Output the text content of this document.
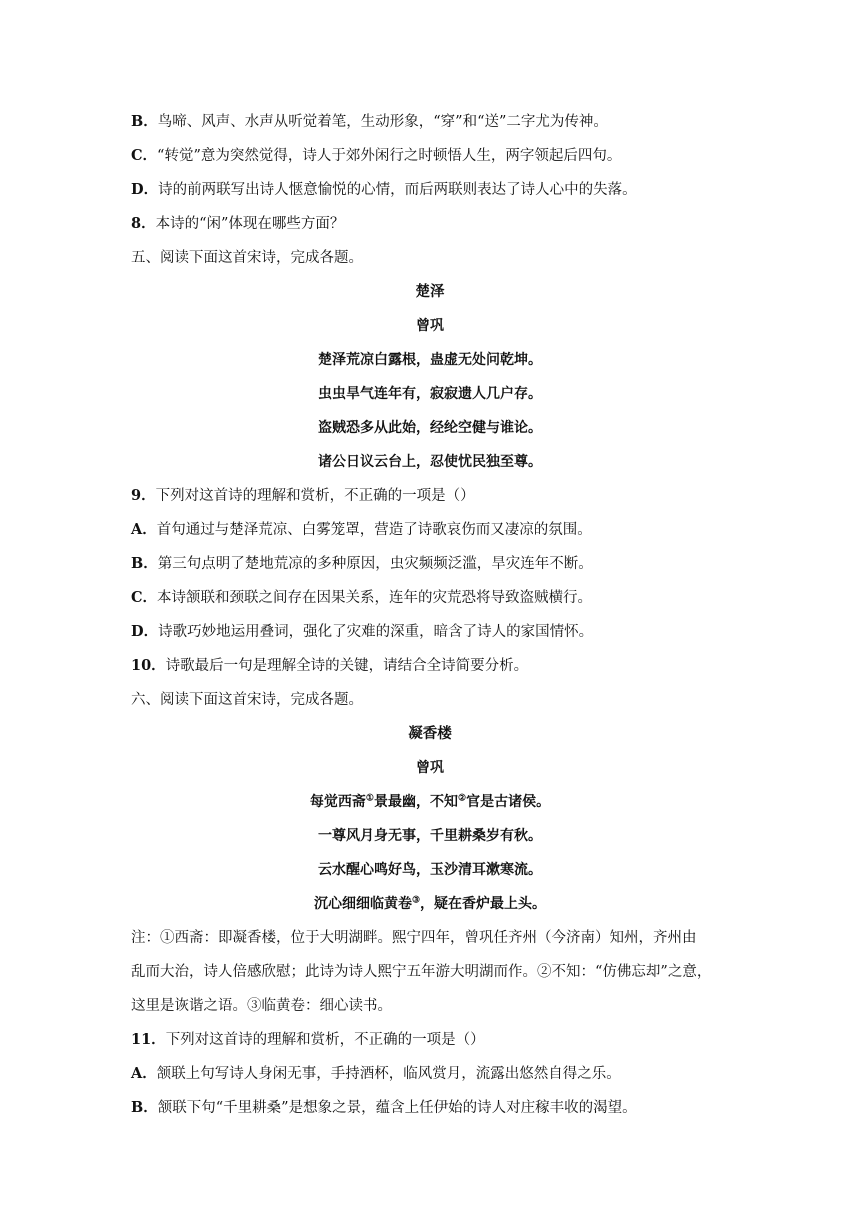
B．鸟啼、风声、水声从听觉着笔，生动形象，“穿”和“送”二字尤为传神。
C．“转觉”意为突然觉得，诗人于郊外闲行之时顿悟人生，两字领起后四句。
D．诗的前两联写出诗人惬意愉悦的心情，而后两联则表达了诗人心中的失落。
8．本诗的“闲”体现在哪些方面？
五、阅读下面这首宋诗，完成各题。
楚泽
曾巩
楚泽荒凉白露根，蛊虚无处问乾坤。
虫虫旱气连年有，寂寂遗人几户存。
盗贼恐多从此始，经纶空健与谁论。
诸公日议云台上，忍使忧民独至尊。
9．下列对这首诗的理解和赏析，不正确的一项是（）
A．首句通过与楚泽荒凉、白雾笼罩，营造了诗歌哀伤而又凄凉的氛围。
B．第三句点明了楚地荒凉的多种原因，虫灾频频泛滥，旱灾连年不断。
C．本诗颔联和颈联之间存在因果关系，连年的灾荒恐将导致盗贼横行。
D．诗歌巧妙地运用叠词，强化了灾难的深重，暗含了诗人的家国情怀。
10．诗歌最后一句是理解全诗的关键，请结合全诗简要分析。
六、阅读下面这首宋诗，完成各题。
凝香楼
曾巩
每觉西斋①景最幽，不知②官是古诸侯。
一尊风月身无事，千里耕桑岁有秋。
云水醒心鸣好鸟，玉沙清耳漱寒流。
沉心细细临黄卷③，疑在香炉最上头。
注：①西斋：即凝香楼，位于大明湖畔。熙宁四年，曾巩任齐州（今济南）知州，齐州由
乱而大治，诗人倍感欣慰；此诗为诗人熙宁五年游大明湖而作。②不知：“仿佛忘却”之意，
这里是诙谐之语。③临黄卷：细心读书。
11．下列对这首诗的理解和赏析，不正确的一项是（）
A．颔联上句写诗人身闲无事，手持酒杯，临风赏月，流露出悠然自得之乐。
B．颔联下句“千里耕桑”是想象之景，蕴含上任伊始的诗人对庄稼丰收的渴望。
